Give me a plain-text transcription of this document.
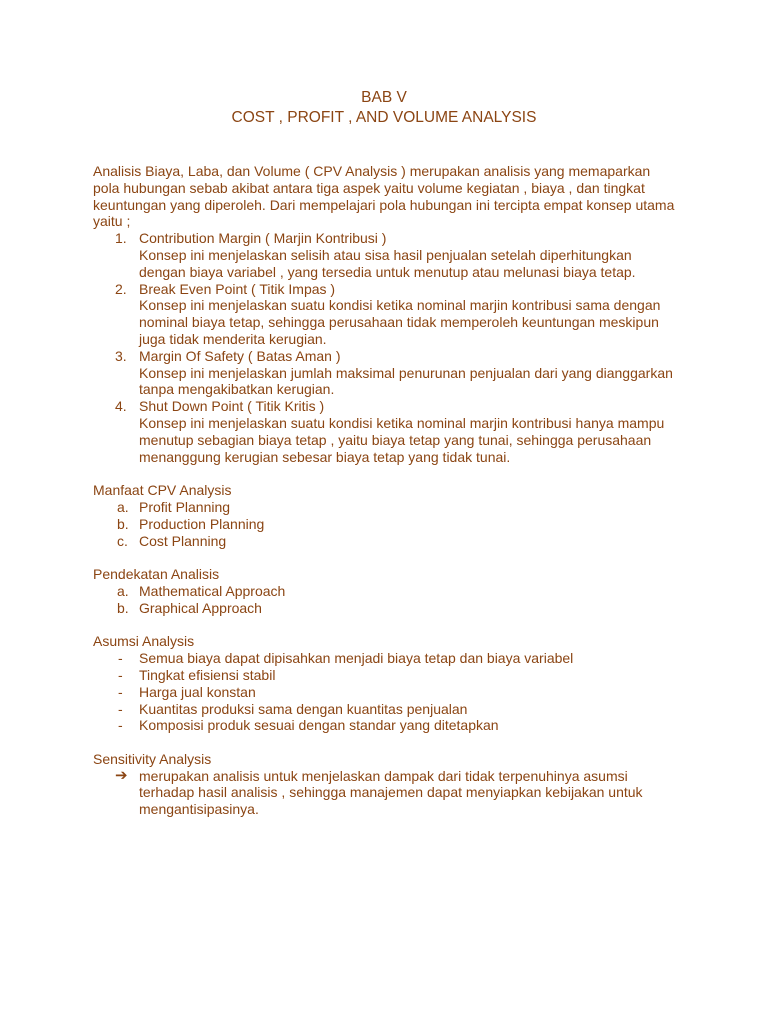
BAB V
COST , PROFIT , AND VOLUME ANALYSIS

Analisis Biaya, Laba, dan Volume ( CPV Analysis ) merupakan analisis yang memaparkan pola hubungan sebab akibat antara tiga aspek yaitu volume kegiatan , biaya , dan tingkat keuntungan yang diperoleh. Dari mempelajari pola hubungan ini tercipta empat konsep utama yaitu ;

1. Contribution Margin ( Marjin Kontribusi )
Konsep ini menjelaskan selisih atau sisa hasil penjualan setelah diperhitungkan dengan biaya variabel , yang tersedia untuk menutup atau melunasi biaya tetap.
2. Break Even Point ( Titik Impas )
Konsep ini menjelaskan suatu kondisi ketika nominal marjin kontribusi sama dengan nominal biaya tetap, sehingga perusahaan tidak memperoleh keuntungan meskipun juga tidak menderita kerugian.
3. Margin Of Safety ( Batas Aman )
Konsep ini menjelaskan jumlah maksimal penurunan penjualan dari yang dianggarkan tanpa mengakibatkan kerugian.
4. Shut Down Point ( Titik Kritis )
Konsep ini menjelaskan suatu kondisi ketika nominal marjin kontribusi hanya mampu menutup sebagian biaya tetap , yaitu biaya tetap yang tunai, sehingga perusahaan menanggung kerugian sebesar biaya tetap yang tidak tunai.

Manfaat CPV Analysis

a. Profit Planning
b. Production Planning
c. Cost Planning

Pendekatan Analisis

a. Mathematical Approach
b. Graphical Approach

Asumsi Analysis

- Semua biaya dapat dipisahkan menjadi biaya tetap dan biaya variabel
- Tingkat efisiensi stabil
- Harga jual konstan
- Kuantitas produksi sama dengan kuantitas penjualan
- Komposisi produk sesuai dengan standar yang ditetapkan

Sensitivity Analysis

➔ merupakan analisis untuk menjelaskan dampak dari tidak terpenuhinya asumsi terhadap hasil analisis , sehingga manajemen dapat menyiapkan kebijakan untuk mengantisipasinya.
